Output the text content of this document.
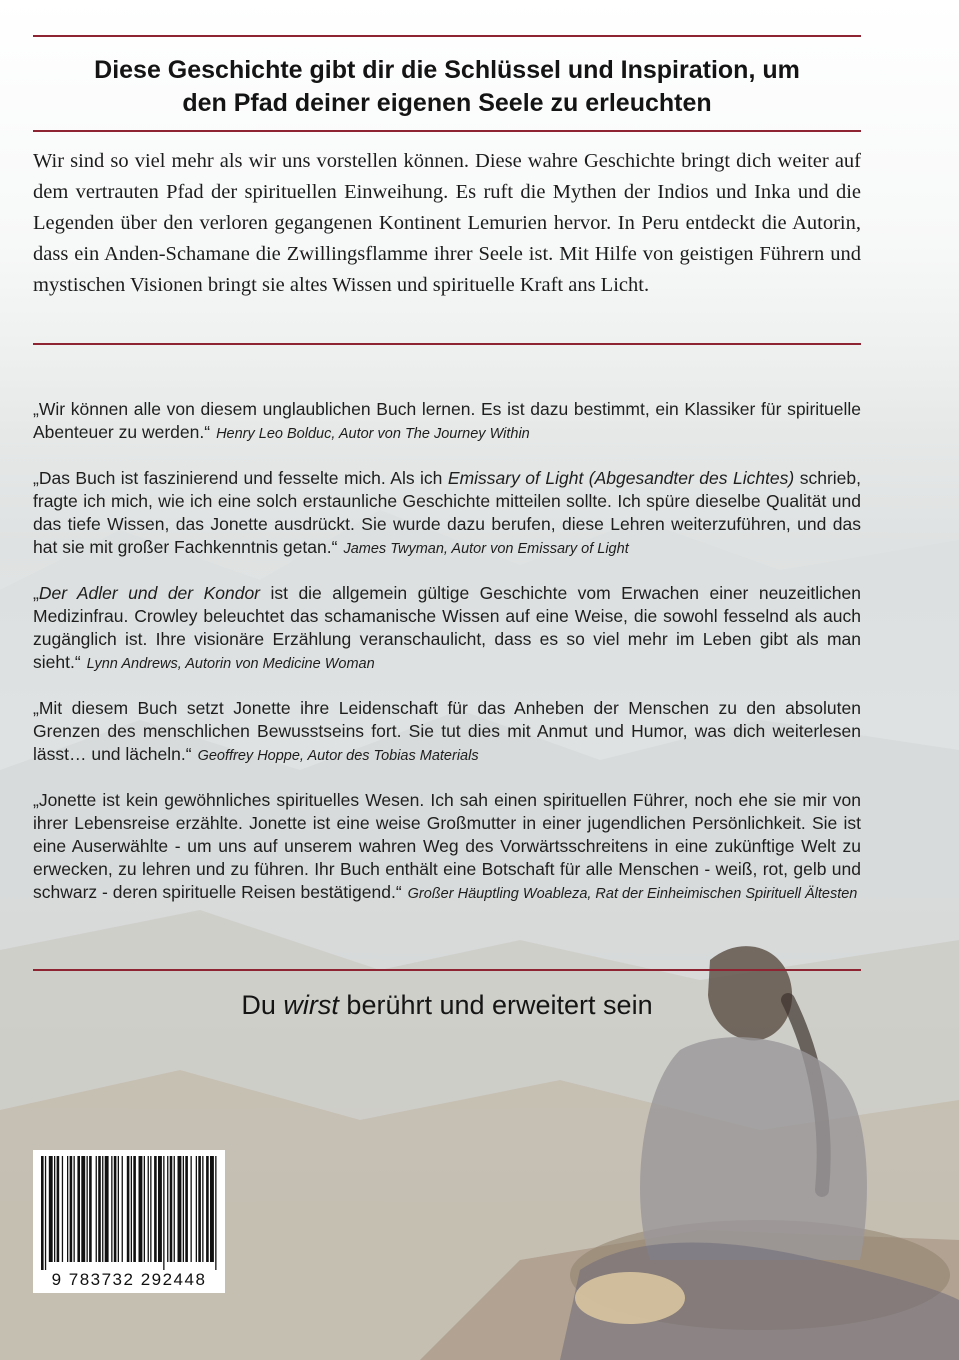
Diese Geschichte gibt dir die Schlüssel und Inspiration, um
den Pfad deiner eigenen Seele zu erleuchten
Wir sind so viel mehr als wir uns vorstellen können. Diese wahre Geschichte bringt dich weiter auf dem vertrauten Pfad der spirituellen Einweihung. Es ruft die Mythen der Indios und Inka und die Legenden über den verloren gegangenen Kontinent Lemurien hervor. In Peru entdeckt die Autorin, dass ein Anden-Schamane die Zwillingsflamme ihrer Seele ist. Mit Hilfe von geistigen Führern und mystischen Visionen bringt sie altes Wissen und spirituelle Kraft ans Licht.

„Wir können alle von diesem unglaublichen Buch lernen. Es ist dazu bestimmt, ein Klassiker für spirituelle Abenteuer zu werden.“ Henry Leo Bolduc, Autor von The Journey Within

„Das Buch ist faszinierend und fesselte mich. Als ich Emissary of Light (Abgesandter des Lichtes) schrieb, fragte ich mich, wie ich eine solch erstaunliche Geschichte mitteilen sollte. Ich spüre dieselbe Qualität und das tiefe Wissen, das Jonette ausdrückt. Sie wurde dazu berufen, diese Lehren weiterzuführen, und das hat sie mit großer Fachkenntnis getan.“ James Twyman, Autor von Emissary of Light

„Der Adler und der Kondor ist die allgemein gültige Geschichte vom Erwachen einer neuzeitlichen Medizinfrau. Crowley beleuchtet das schamanische Wissen auf eine Weise, die sowohl fesselnd als auch zugänglich ist. Ihre visionäre Erzählung veranschaulicht, dass es so viel mehr im Leben gibt als man sieht.“ Lynn Andrews, Autorin von Medicine Woman

„Mit diesem Buch setzt Jonette ihre Leidenschaft für das Anheben der Menschen zu den absoluten Grenzen des menschlichen Bewusstseins fort. Sie tut dies mit Anmut und Humor, was dich weiterlesen lässt… und lächeln.“ Geoffrey Hoppe, Autor des Tobias Materials

„Jonette ist kein gewöhnliches spirituelles Wesen. Ich sah einen spirituellen Führer, noch ehe sie mir von ihrer Lebensreise erzählte. Jonette ist eine weise Großmutter in einer jugendlichen Persönlichkeit. Sie ist eine Auserwählte - um uns auf unserem wahren Weg des Vorwärtsschreitens in eine zukünftige Welt zu erwecken, zu lehren und zu führen. Ihr Buch enthält eine Botschaft für alle Menschen - weiß, rot, gelb und schwarz - deren spirituelle Reisen bestätigend.“ Großer Häuptling Woableza, Rat der Einheimischen Spirituell Ältesten

Du wirst berührt und erweitert sein
9 783732 292448
